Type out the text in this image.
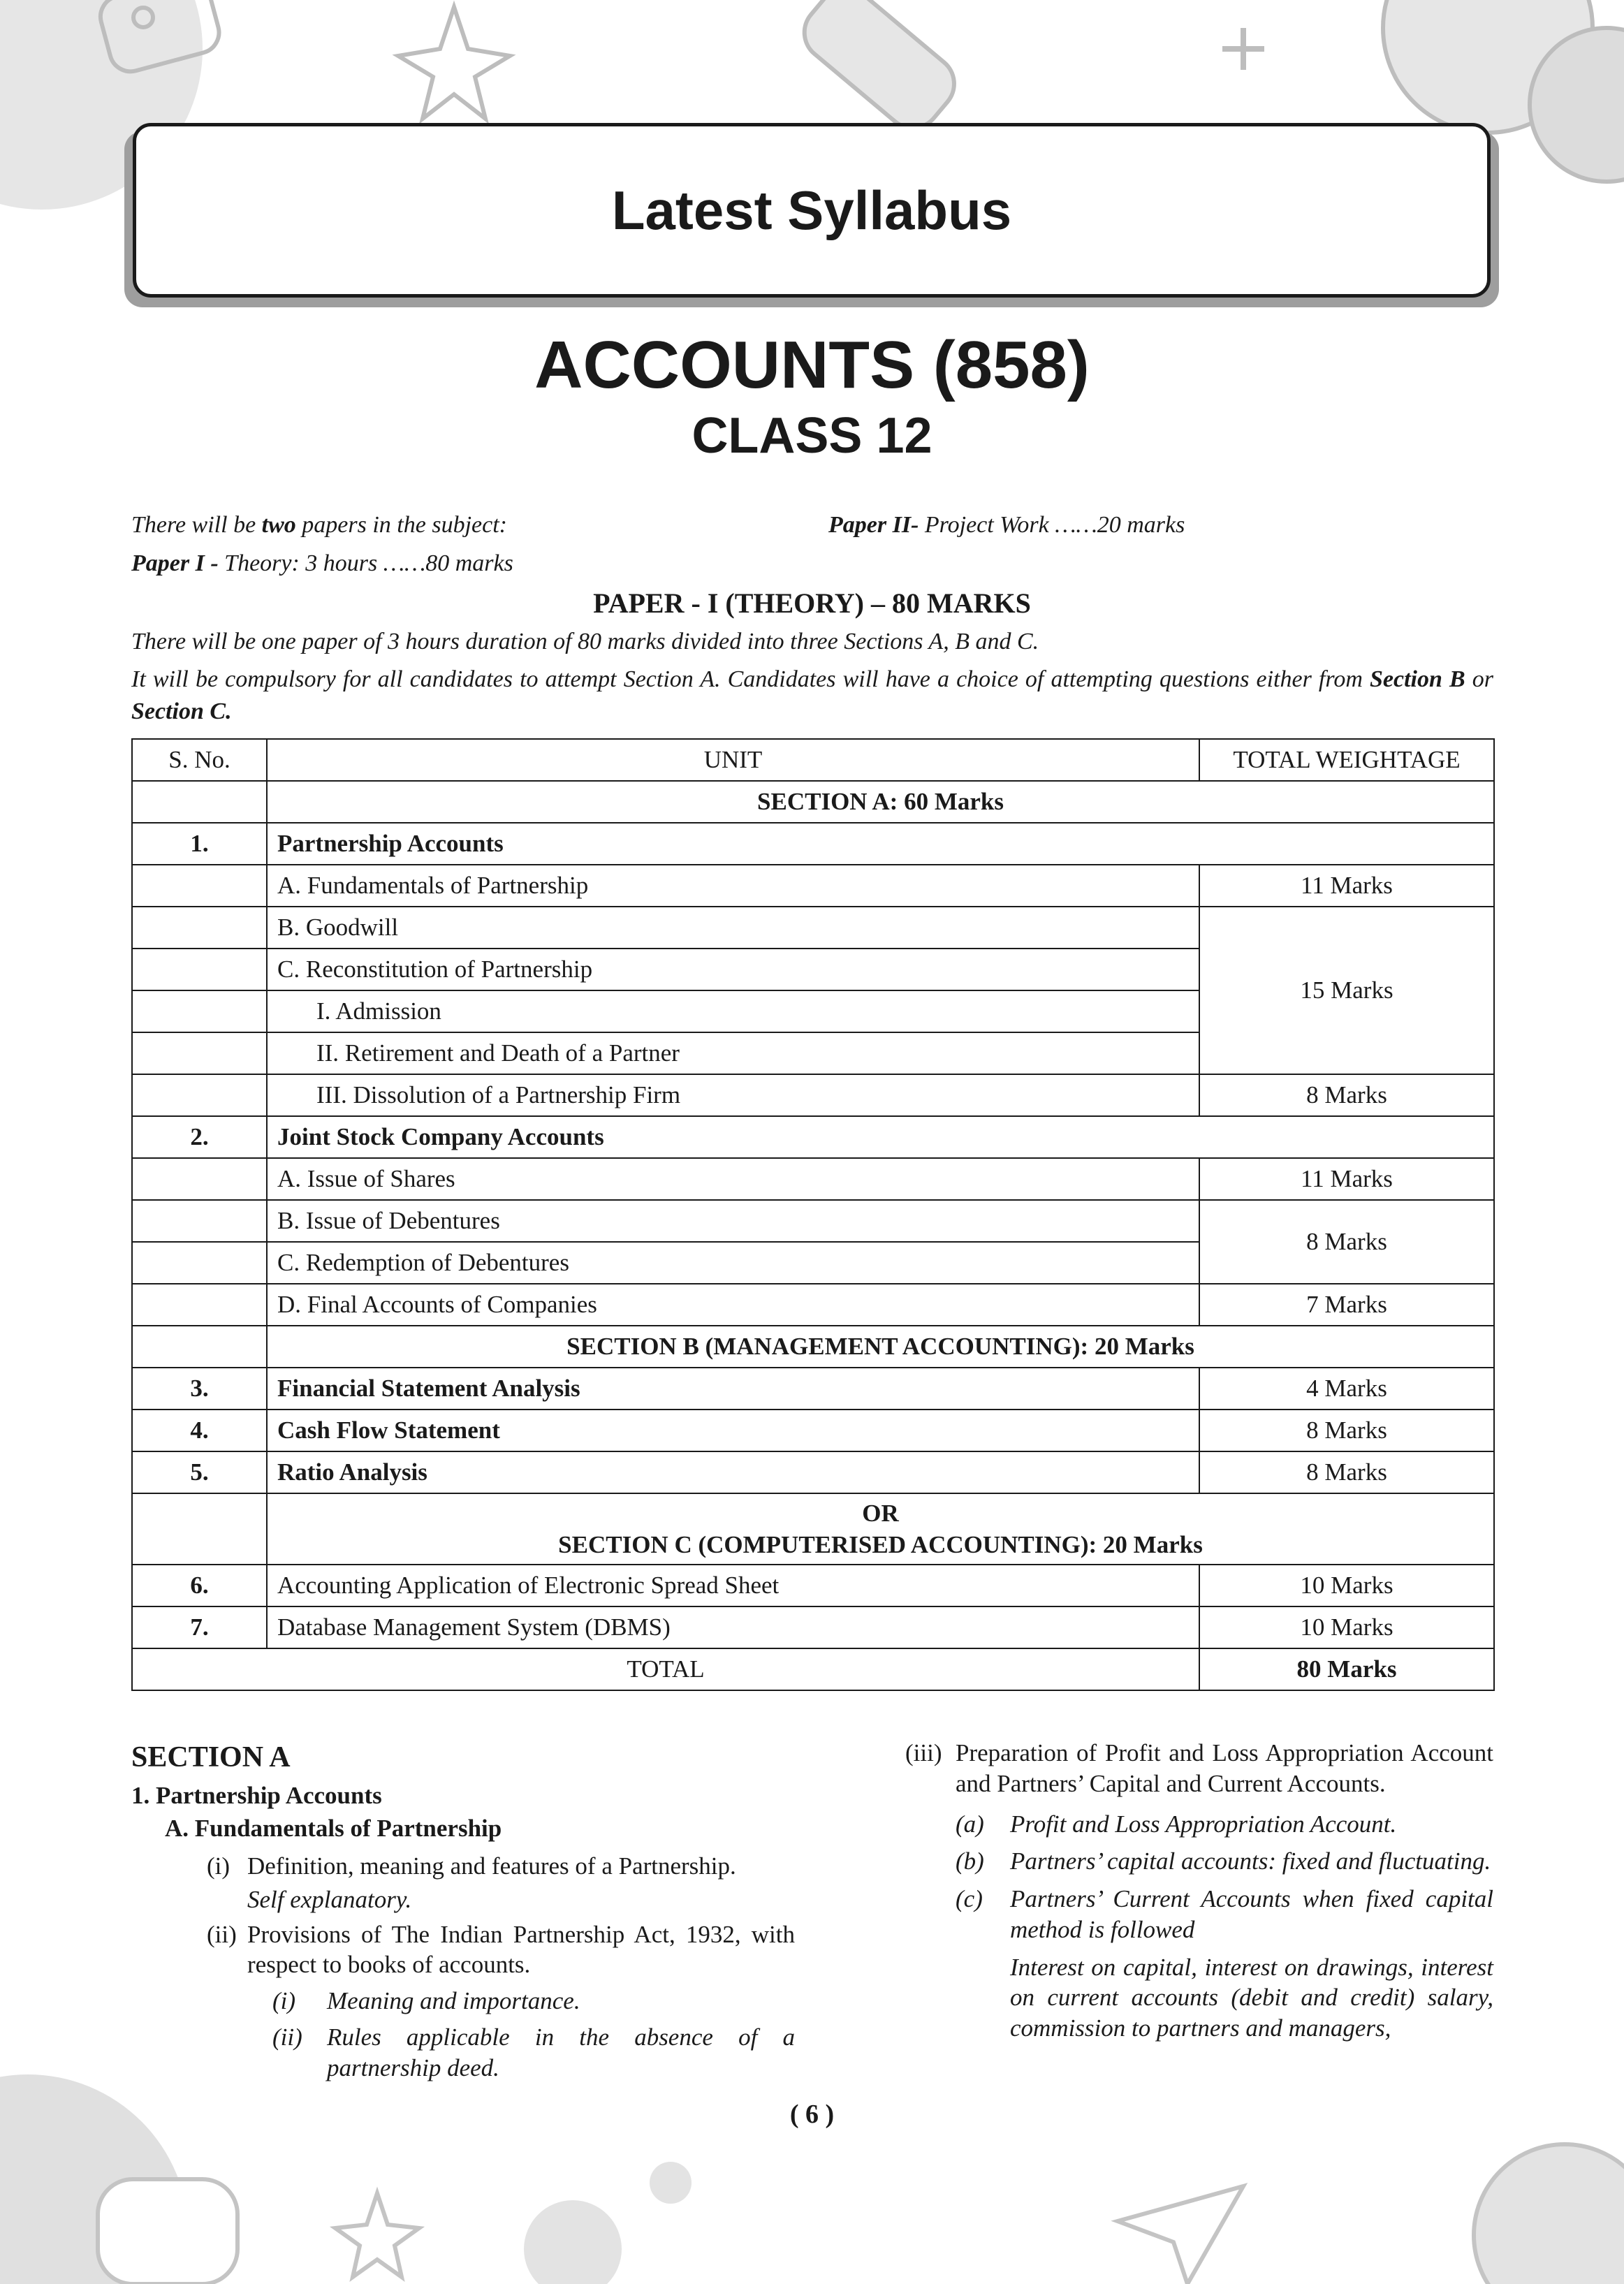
Latest Syllabus
ACCOUNTS (858)
CLASS 12
There will be two papers in the subject:	Paper II- Project Work ……20 marks
Paper I - Theory: 3 hours ……80 marks
PAPER - I (THEORY) – 80 MARKS
There will be one paper of 3 hours duration of 80 marks divided into three Sections A, B and C.
It will be compulsory for all candidates to attempt Section A. Candidates will have a choice of attempting questions either from Section B or Section C.
S. No.	UNIT	TOTAL WEIGHTAGE
	SECTION A: 60 Marks	
1.	Partnership Accounts	
	A. Fundamentals of Partnership	11 Marks
	B. Goodwill	15 Marks
	C. Reconstitution of Partnership	
	I. Admission	
	II. Retirement and Death of a Partner	
	III. Dissolution of a Partnership Firm	8 Marks
2.	Joint Stock Company Accounts	
	A. Issue of Shares	11 Marks
	B. Issue of Debentures	8 Marks
	C. Redemption of Debentures	
	D. Final Accounts of Companies	7 Marks
	SECTION B (MANAGEMENT ACCOUNTING): 20 Marks	
3.	Financial Statement Analysis	4 Marks
4.	Cash Flow Statement	8 Marks
5.	Ratio Analysis	8 Marks

	OR
SECTION C (COMPUTERISED ACCOUNTING): 20 Marks	

6.	Accounting Application of Electronic Spread Sheet	10 Marks
7.	Database Management System (DBMS)	10 Marks
TOTAL		80 Marks
SECTION A
1. Partnership Accounts
A. Fundamentals of Partnership
(i) Definition, meaning and features of a Partnership.
Self explanatory.
(ii) Provisions of The Indian Partnership Act, 1932, with respect to books of accounts.
(i)	Meaning and importance.
(ii)	Rules applicable in the absence of a partnership deed.
(iii) Preparation of Profit and Loss Appropriation Account and Partners’ Capital and Current Accounts.
(a)	Profit and Loss Appropriation Account.
(b)	Partners’ capital accounts: fixed and fluctuating.
(c)	Partners’ Current Accounts when fixed capital method is followed
Interest on capital, interest on drawings, interest on current accounts (debit and credit) salary, commission to partners and managers,
( 6 )
